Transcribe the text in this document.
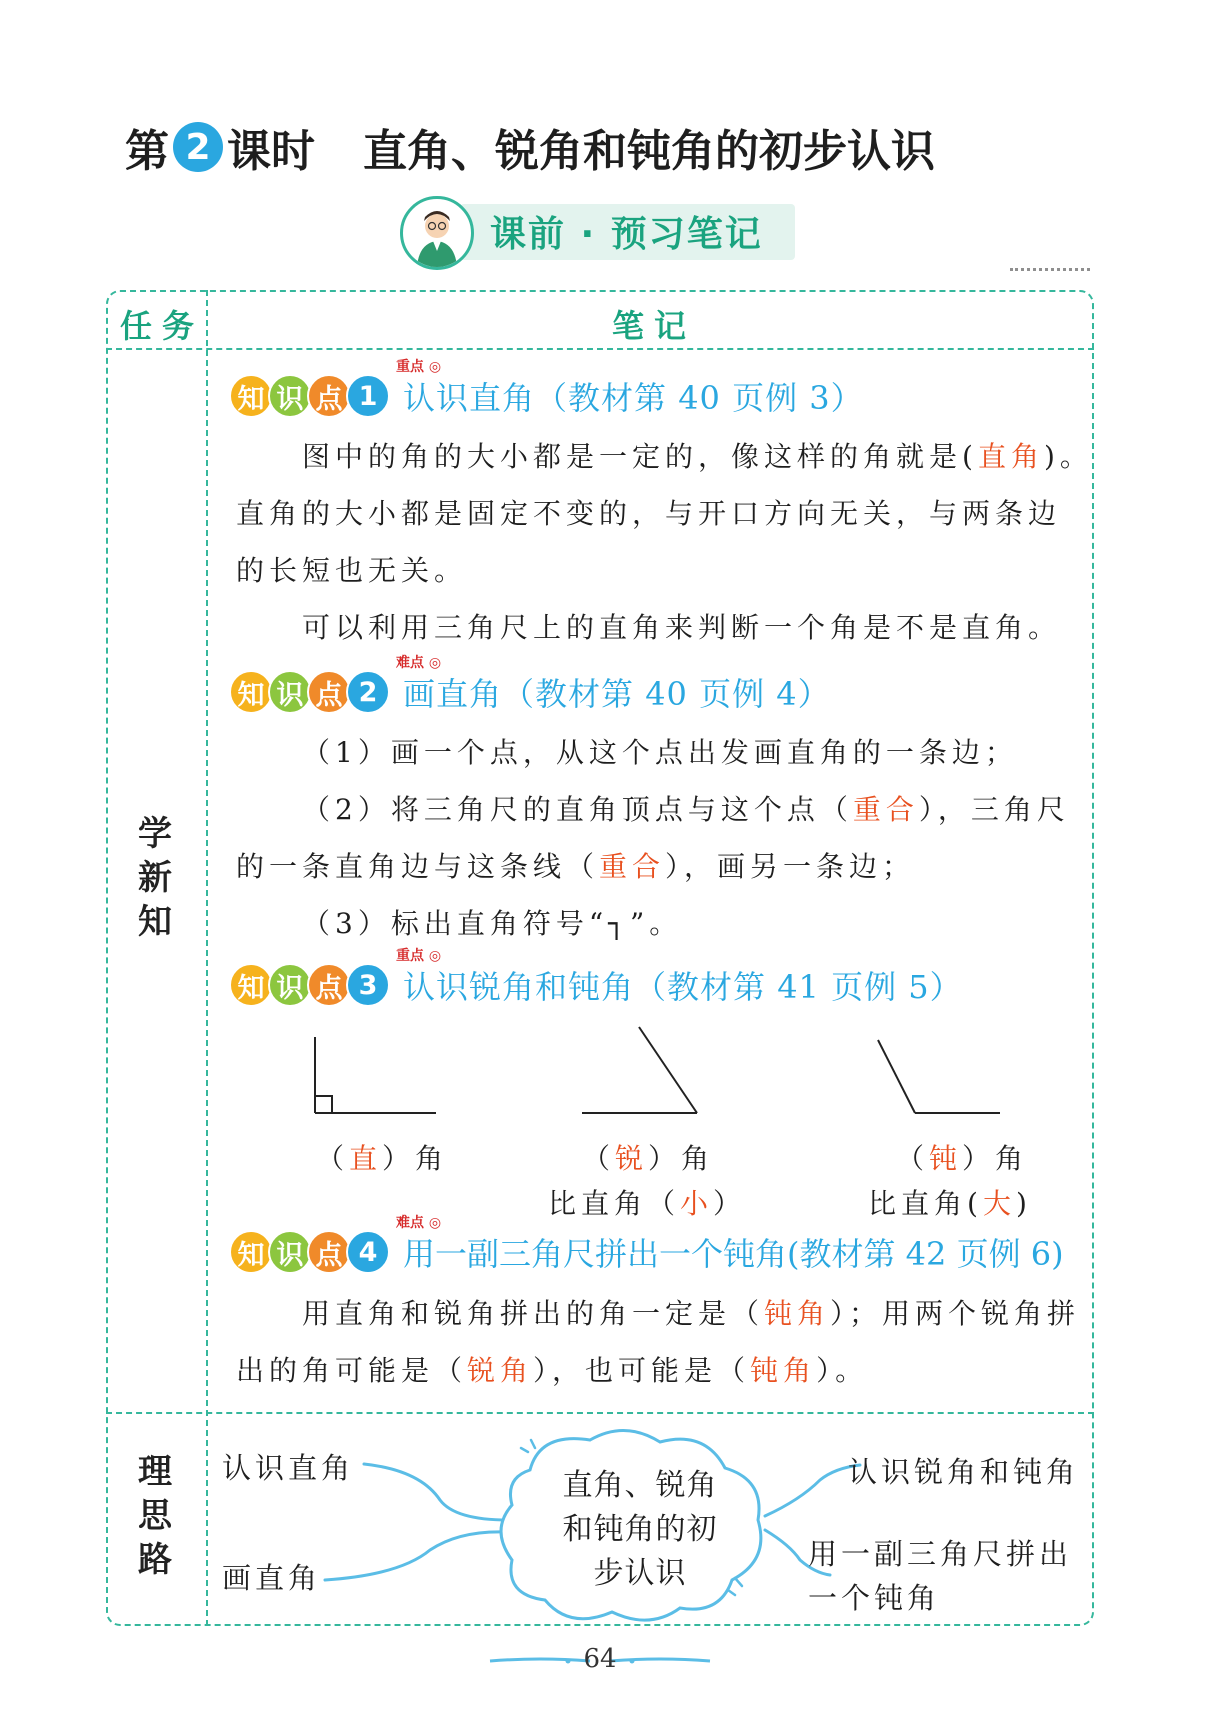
第 2 课时 直角、锐角和钝角的初步认识
课前 · 预习笔记
任务	笔记
学
新
知
理
思
路
重点 ◎
知 识 点 1 认识直角（教材第 40 页例 3）
图中的角的大小都是一定的，像这样的角就是(直角)。
直角的大小都是固定不变的，与开口方向无关，与两条边
的长短也无关。
可以利用三角尺上的直角来判断一个角是不是直角。
难点 ◎
知 识 点 2 画直角（教材第 40 页例 4）
（1）画一个点，从这个点出发画直角的一条边；
（2）将三角尺的直角顶点与这个点（重合），三角尺
的一条直角边与这条线（重合），画另一条边；
（3）标出直角符号“┐”。
重点 ◎
知 识 点 3 认识锐角和钝角（教材第 41 页例 5）
（直）角	（锐）角
比直角（小）
（钝）角
比直角(大)
难点 ◎
知 识 点 4 用一副三角尺拼出一个钝角(教材第 42 页例 6)
用直角和锐角拼出的角一定是（钝角）；用两个锐角拼
出的角可能是（锐角），也可能是（钝角）。
直角、锐角
和钝角的初
步认识
认识直角
画直角
认识锐角和钝角
用一副三角尺拼出
一个钝角
64
